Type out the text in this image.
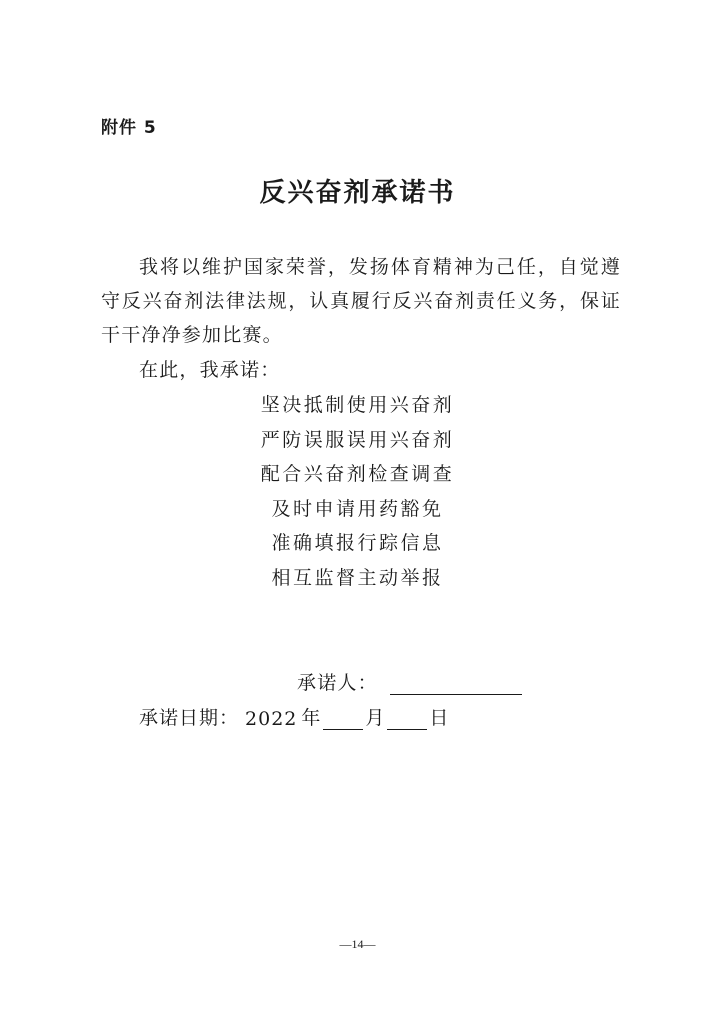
附件 5
反兴奋剂承诺书
我将以维护国家荣誉，发扬体育精神为己任，自觉遵守反兴奋剂法律法规，认真履行反兴奋剂责任义务，保证干干净净参加比赛。
在此，我承诺：
坚决抵制使用兴奋剂
严防误服误用兴奋剂
配合兴奋剂检查调查
及时申请用药豁免
准确填报行踪信息
相互监督主动举报
承诺人：
承诺日期： 2022 年 月 日
—14—
